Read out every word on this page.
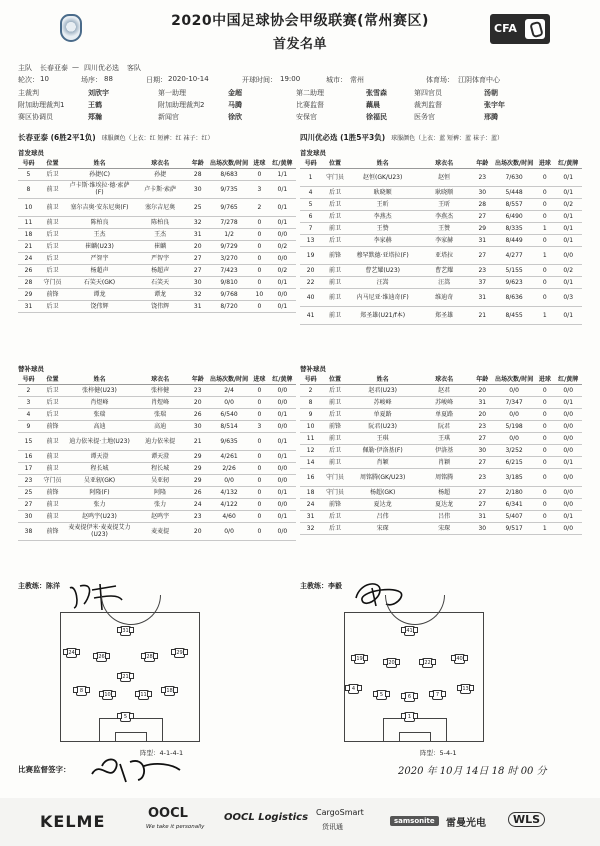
2020中国足球协会甲级联赛(常州赛区)
首发名单
CFA
主队 长春亚泰 — 四川优必选 客队
轮次： 10	场序： 88	日期： 2020-10-14	开球时间： 19:00	城市： 常州	体育场： 江阴体育中心
主裁判	刘欣宇	第一助理	金超	第二助理	张雪森	第四官员	汤朝
附加助理裁判1	王鹤	附加助理裁判2	马腾	比赛监督	藕晨	裁判监督	张宇年
赛区协调员	郑瀚	新闻官	徐欣	安保官	徐福民	医务官	邢腾
长春亚泰 (6胜2平1负) 球服颜色（上衣：红 短裤：红 袜子：红）	四川优必选 (1胜5平3负) 球服颜色（上衣：蓝 短裤：蓝 袜子：蓝）
首发球员	首发球员
号码	位置	姓名	球衣名	年龄	出场次数/时间	进球	红/黄牌
5	后卫	孙捷(C)	孙捷	28	8/683	0	1/1
8	前卫	卢卡斯·维埃拉·德·索萨(F)	卢卡斯·索萨	30	9/735	3	0/1
10	前卫	塞尔吉奥·安东尼奥(F)	塞尔吉尼奥	25	9/765	2	0/1
11	前卫	陈柏良	陈柏良	32	7/278	0	0/1
18	后卫	王杰	王杰	31	1/2	0	0/0
21	后卫	崔麟(U23)	崔麟	20	9/729	0	0/2
24	后卫	严智宇	严智宇	27	3/270	0	0/0
26	后卫	杨超声	杨超声	27	7/423	0	0/2
28	守门员	石笑天(GK)	石笑天	30	9/810	0	0/1
29	前锋	谭龙	谭龙	32	9/768	10	0/0
31	后卫	饶伟辉	饶伟辉	31	8/720	0	0/1
号码	位置	姓名	球衣名	年龄	出场次数/时间	进球	红/黄牌
1	守门员	赵恒(GK/U23)	赵恒	23	7/630	0	0/1
4	后卫	耿晓顺	耿晓顺	30	5/448	0	0/1
5	后卫	王昕	王昕	28	8/557	0	0/2
6	后卫	李燕杰	李燕杰	27	6/490	0	0/1
7	前卫	王赞	王赞	29	8/335	1	0/1
13	后卫	李家赫	李家赫	31	8/449	0	0/1
19	前锋	穆罕默德·亚塔拉(F)	亚塔拉	27	4/277	1	0/0
20	前卫	曹艺耀(U23)	曹艺耀	23	5/155	0	0/2
22	前卫	汪嵩	汪嵩	37	9/623	0	0/1
40	前卫	内马尼亚·维迪奇(F)	维迪奇	31	8/636	0	0/3
41	前卫	郑圣雄(U21/f本)	郑圣雄	21	8/455	1	0/1
替补球员	替补球员
号码	位置	姓名	球衣名	年龄	出场次数/时间	进球	红/黄牌
2	后卫	张梓健(U23)	张梓健	23	2/4	0	0/0
3	后卫	肖煜峰	肖煜峰	20	0/0	0	0/0
4	后卫	张瑞	张瑞	26	6/540	0	0/1
9	前锋	高迪	高迪	30	8/514	3	0/0
15	前卫	迪力依米提·土地(U23)	迪力依米提	21	9/635	0	0/1
16	前卫	谭天澄	谭天澄	29	4/261	0	0/1
17	前卫	程长城	程长城	29	2/26	0	0/0
23	守门员	吴亚轫(GK)	吴亚轫	29	0/0	0	0/0
25	前锋	阿隆(F)	阿隆	26	4/132	0	0/1
27	前卫	张力	张力	24	4/122	0	0/0
30	前卫	赵鸣宇(U23)	赵鸣宇	23	4/60	0	0/1
38	前锋	麦麦提伊米·麦麦提艾力(U23)	麦麦提	20	0/0	0	0/0
号码	位置	姓名	球衣名	年龄	出场次数/时间	进球	红/黄牌
2	后卫	赵君(U23)	赵君	20	0/0	0	0/0
8	前卫	苏峻峰	苏峻峰	31	7/347	0	0/1
9	后卫	单夏路	单夏路	20	0/0	0	0/0
10	前锋	阮君(U23)	阮君	23	5/198	0	0/0
11	前卫	王琪	王琪	27	0/0	0	0/0
12	后卫	佩勒·伊洛基(F)	伊洛基	30	3/252	0	0/0
14	前卫	肖颖	肖颖	27	6/215	0	0/1
16	守门员	周铭腾(GK/U23)	周铭腾	23	3/185	0	0/0
18	守门员	杨超(GK)	杨超	27	2/180	0	0/0
24	前锋	夏达龙	夏达龙	27	6/341	0	0/0
31	后卫	吕伟	吕伟	31	5/407	0	0/1
32	后卫	宋琛	宋琛	30	9/517	1	0/0
主教练：陈洋	主教练：李毅
5
8
10	11
18
21
24
26	28
29
31
1
4
5	6	7
13
19
20	22
40
41
阵型：4-1-4-1	阵型：5-4-1
比赛监督签字：	2020 年 10月 14日 18 时 00 分
KELME	OOCL
We take it personally
OOCL Logistics CargoSmart
货讯通
samsonite	雷曼光电	WLS
